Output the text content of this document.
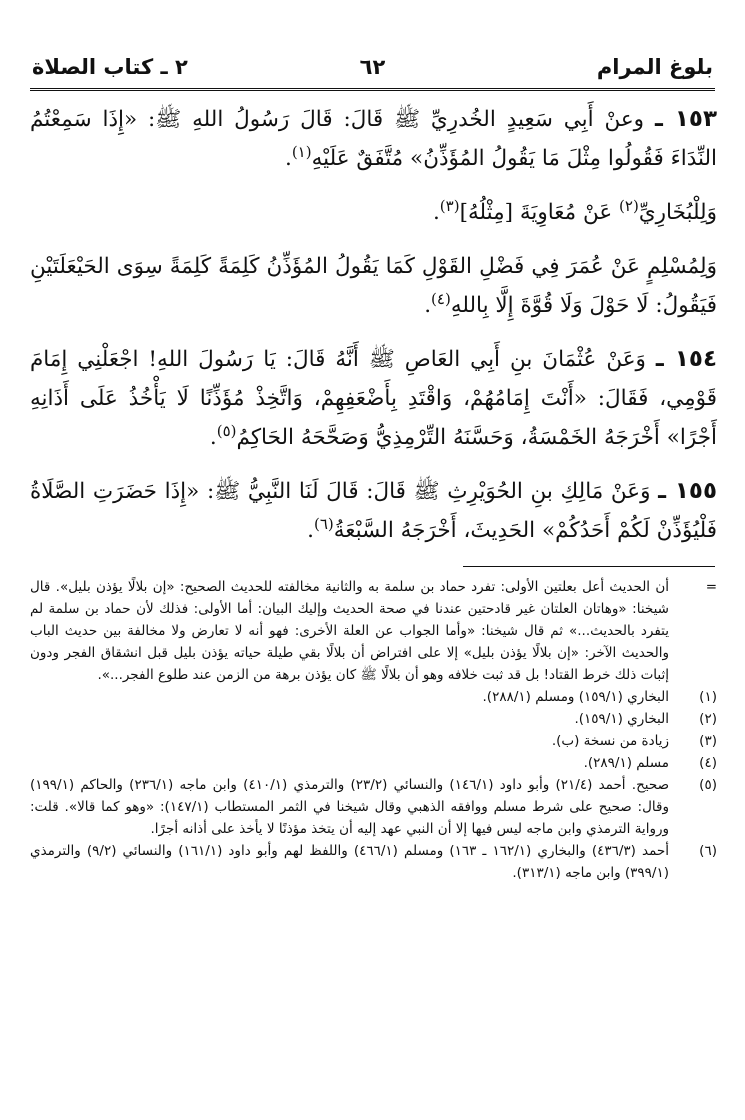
بلوغ المرام
٦٢
٢ ـ كتاب الصلاة

١٥٣ ـ وعنْ أَبِي سَعِيدٍ الخُدرِيِّ ﷺ قَالَ: قَالَ رَسُولُ اللهِ ﷺ: «إِذَا سَمِعْتُمُ النِّدَاءَ فَقُولُوا مِثْلَ مَا يَقُولُ المُؤَذِّنُ» مُتَّفَقٌ عَلَيْهِ$^{(١)}$.

وَلِلْبُخَارِيِّ$^{(٢)}$ عَنْ مُعَاوِيَةَ [مِثْلُهُ]$^{(٣)}$.

وَلِمُسْلِمٍ عَنْ عُمَرَ فِي فَضْلِ القَوْلِ كَمَا يَقُولُ المُؤَذِّنُ كَلِمَةً كَلِمَةً سِوَى الحَيْعَلَتَيْنِ فَيَقُولُ: لَا حَوْلَ وَلَا قُوَّةَ إِلَّا بِاللهِ$^{(٤)}$.

١٥٤ ـ وَعَنْ عُثْمَانَ بنِ أَبِي العَاصِ ﷺ أَنَّهُ قَالَ: يَا رَسُولَ اللهِ! اجْعَلْنِي إِمَامَ قَوْمِي، فَقَالَ: «أَنْتَ إِمَامُهُمْ، وَاقْتَدِ بِأَضْعَفِهِمْ، وَاتَّخِذْ مُؤَذِّنًا لَا يَأْخُذُ عَلَى أَذَانِهِ أَجْرًا» أَخْرَجَهُ الخَمْسَةُ، وَحَسَّنَهُ التِّرْمِذِيُّ وَصَحَّحَهُ الحَاكِمُ$^{(٥)}$.

١٥٥ ـ وَعَنْ مَالِكِ بنِ الحُوَيْرِثِ ﷺ قَالَ: قَالَ لَنَا النَّبِيُّ ﷺ: «إِذَا حَضَرَتِ الصَّلَاةُ فَلْيُؤَذِّنْ لَكُمْ أَحَدُكُمْ» الحَدِيثَ، أَخْرَجَهُ السَّبْعَةُ$^{(٦)}$.

=
أن الحديث أعل بعلتين الأولى: تفرد حماد بن سلمة به والثانية مخالفته للحديث الصحيح: «إن بلالًا يؤذن بليل». قال شيخنا: «وهاتان العلتان غير قادحتين عندنا في صحة الحديث وإليك البيان: أما الأولى: فذلك لأن حماد بن سلمة لم يتفرد بالحديث...» ثم قال شيخنا: «وأما الجواب عن العلة الأخرى: فهو أنه لا تعارض ولا مخالفة بين حديث الباب والحديث الآخر: «إن بلالًا يؤذن بليل» إلا على افتراض أن بلالًا بقي طيلة حياته يؤذن بليل قبل انشقاق الفجر ودون إثبات ذلك خرط القتاد! بل قد ثبت خلافه وهو أن بلالًا ﷺ كان يؤذن برهة من الزمن عند طلوع الفجر...».
(١)
البخاري (١٥٩/١) ومسلم (٢٨٨/١).
(٢)
البخاري (١٥٩/١).
(٣)
زيادة من نسخة (ب).
(٤)
مسلم (٢٨٩/١).
(٥)
صحيح. أحمد (٢١/٤) وأبو داود (١٤٦/١) والنسائي (٢٣/٢) والترمذي (٤١٠/١) وابن ماجه (٢٣٦/١) والحاكم (١٩٩/١) وقال: صحيح على شرط مسلم ووافقه الذهبي وقال شيخنا في الثمر المستطاب (١٤٧/١): «وهو كما قالا». قلت: ورواية الترمذي وابن ماجه ليس فيها إلا أن النبي عهد إليه أن يتخذ مؤذنًا لا يأخذ على أذانه أجرًا.
(٦)
أحمد (٤٣٦/٣) والبخاري (١٦٢/١ ـ ١٦٣) ومسلم (٤٦٦/١) واللفظ لهم وأبو داود (١٦١/١) والنسائي (٩/٢) والترمذي (٣٩٩/١) وابن ماجه (٣١٣/١).
